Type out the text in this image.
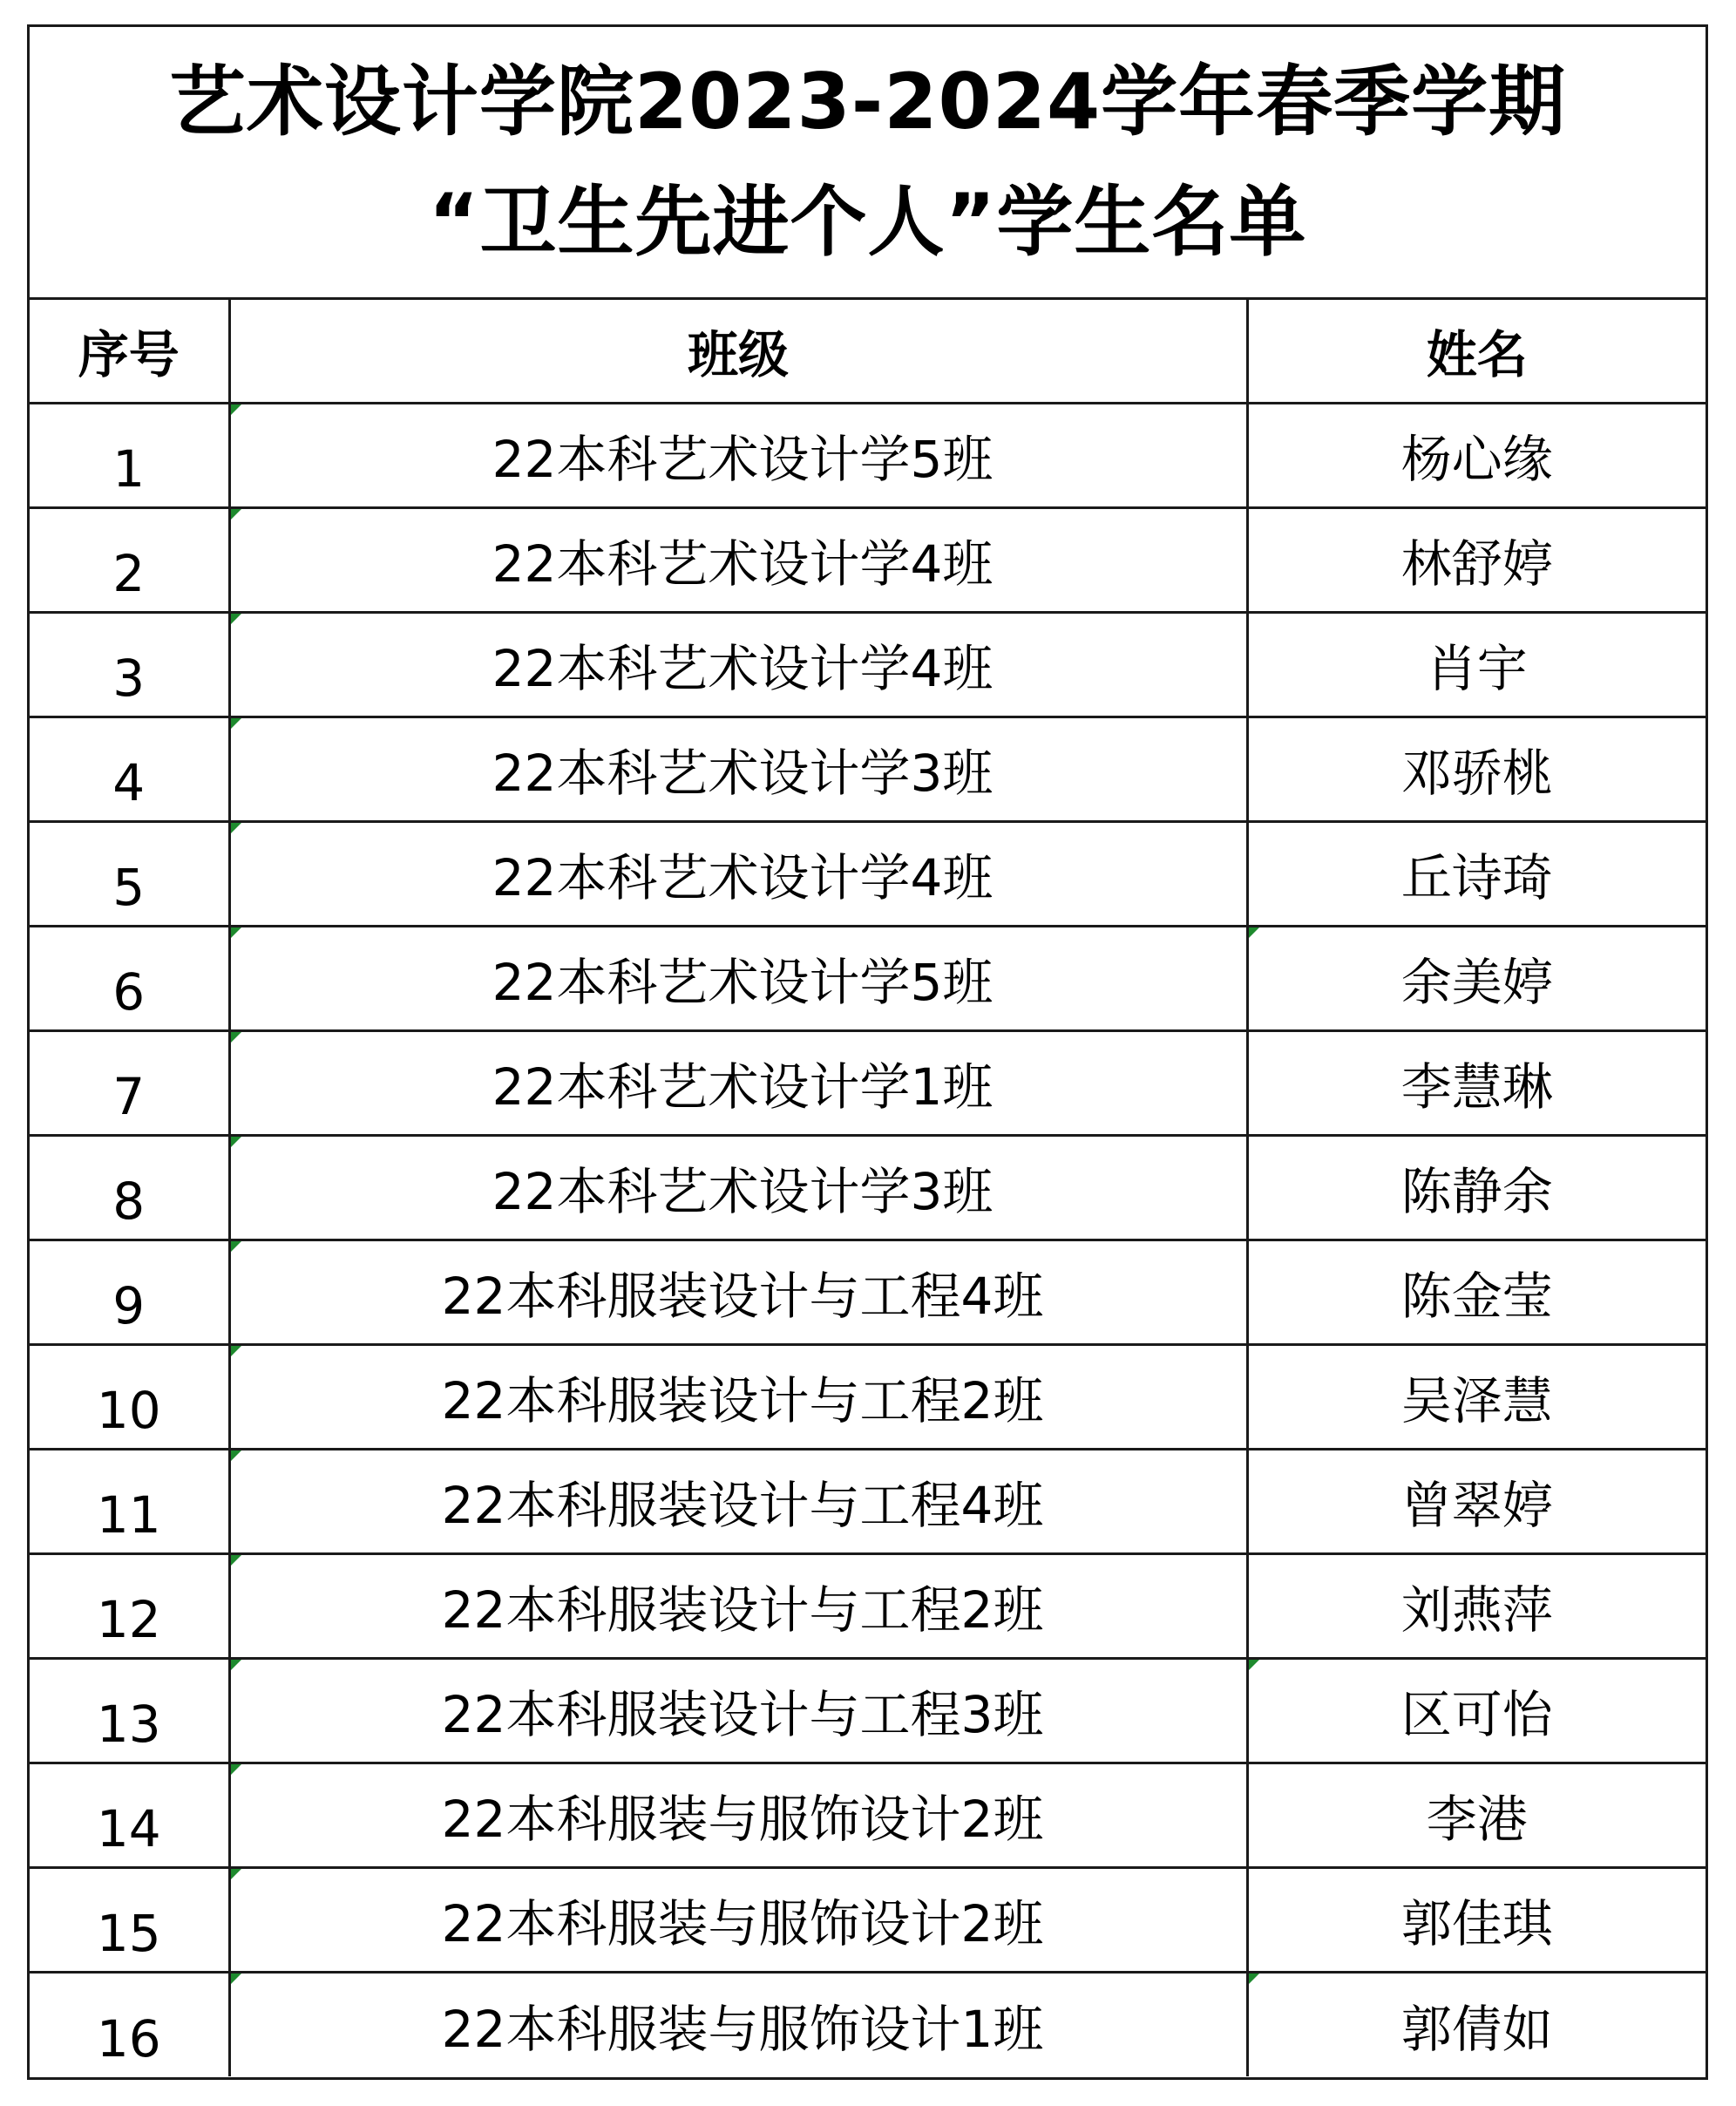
艺术设计学院2023-2024学年春季学期
“卫生先进个人”学生名单
序号	班级	姓名
1	22本科艺术设计学5班	杨心缘
2	22本科艺术设计学4班	林舒婷
3	22本科艺术设计学4班	肖宇
4	22本科艺术设计学3班	邓骄桃
5	22本科艺术设计学4班	丘诗琦
6	22本科艺术设计学5班	余美婷
7	22本科艺术设计学1班	李慧琳
8	22本科艺术设计学3班	陈静余
9	22本科服装设计与工程4班	陈金莹
10	22本科服装设计与工程2班	吴泽慧
11	22本科服装设计与工程4班	曾翠婷
12	22本科服装设计与工程2班	刘燕萍
13	22本科服装设计与工程3班	区可怡
14	22本科服装与服饰设计2班	李港
15	22本科服装与服饰设计2班	郭佳琪
16	22本科服装与服饰设计1班	郭倩如
